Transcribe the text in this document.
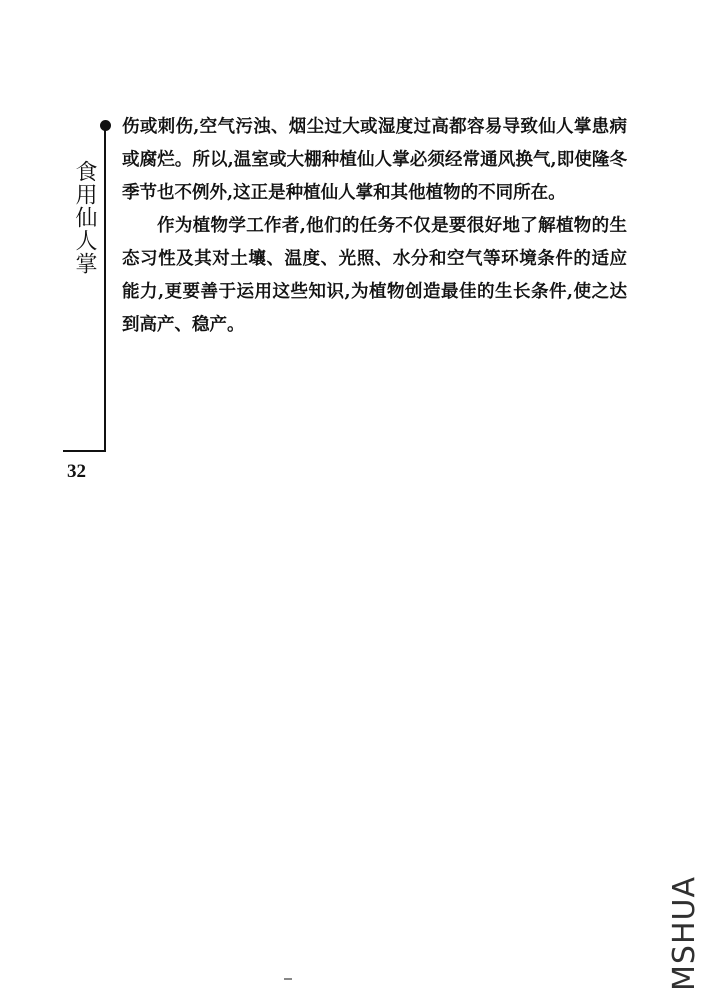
食用仙人掌
32

伤或刺伤,空气污浊、烟尘过大或湿度过高都容易导致仙人掌患病或腐烂。所以,温室或大棚种植仙人掌必须经常通风换气,即使隆冬季节也不例外,这正是种植仙人掌和其他植物的不同所在。

作为植物学工作者,他们的任务不仅是要很好地了解植物的生态习性及其对土壤、温度、光照、水分和空气等环境条件的适应能力,更要善于运用这些知识,为植物创造最佳的生长条件,使之达到高产、稳产。

MSHUA
